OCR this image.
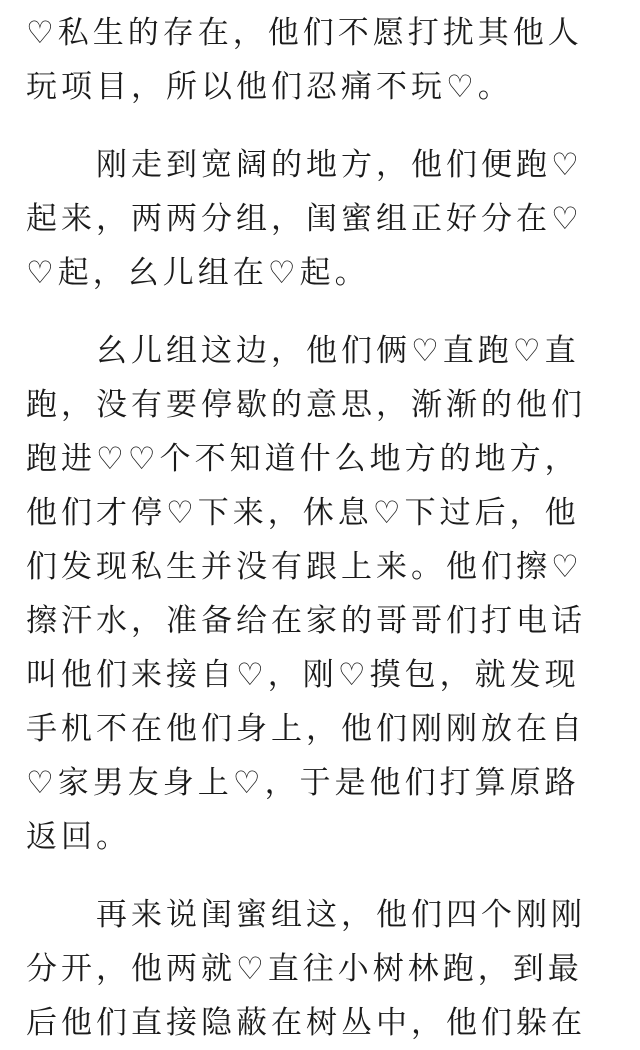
♡私生的存在，他们不愿打扰其他人
玩项目，所以他们忍痛不玩♡。
　　刚走到宽阔的地方，他们便跑♡
起来，两两分组，闺蜜组正好分在♡
♡起，幺儿组在♡起。
　　幺儿组这边，他们俩♡直跑♡直
跑，没有要停歇的意思，渐渐的他们
跑进♡♡个不知道什么地方的地方，
他们才停♡下来，休息♡下过后，他
们发现私生并没有跟上来。他们擦♡
擦汗水，准备给在家的哥哥们打电话
叫他们来接自♡，刚♡摸包，就发现
手机不在他们身上，他们刚刚放在自
♡家男友身上♡，于是他们打算原路
返回。
　　再来说闺蜜组这，他们四个刚刚
分开，他两就♡直往小树林跑，到最
后他们直接隐蔽在树丛中，他们躲在
